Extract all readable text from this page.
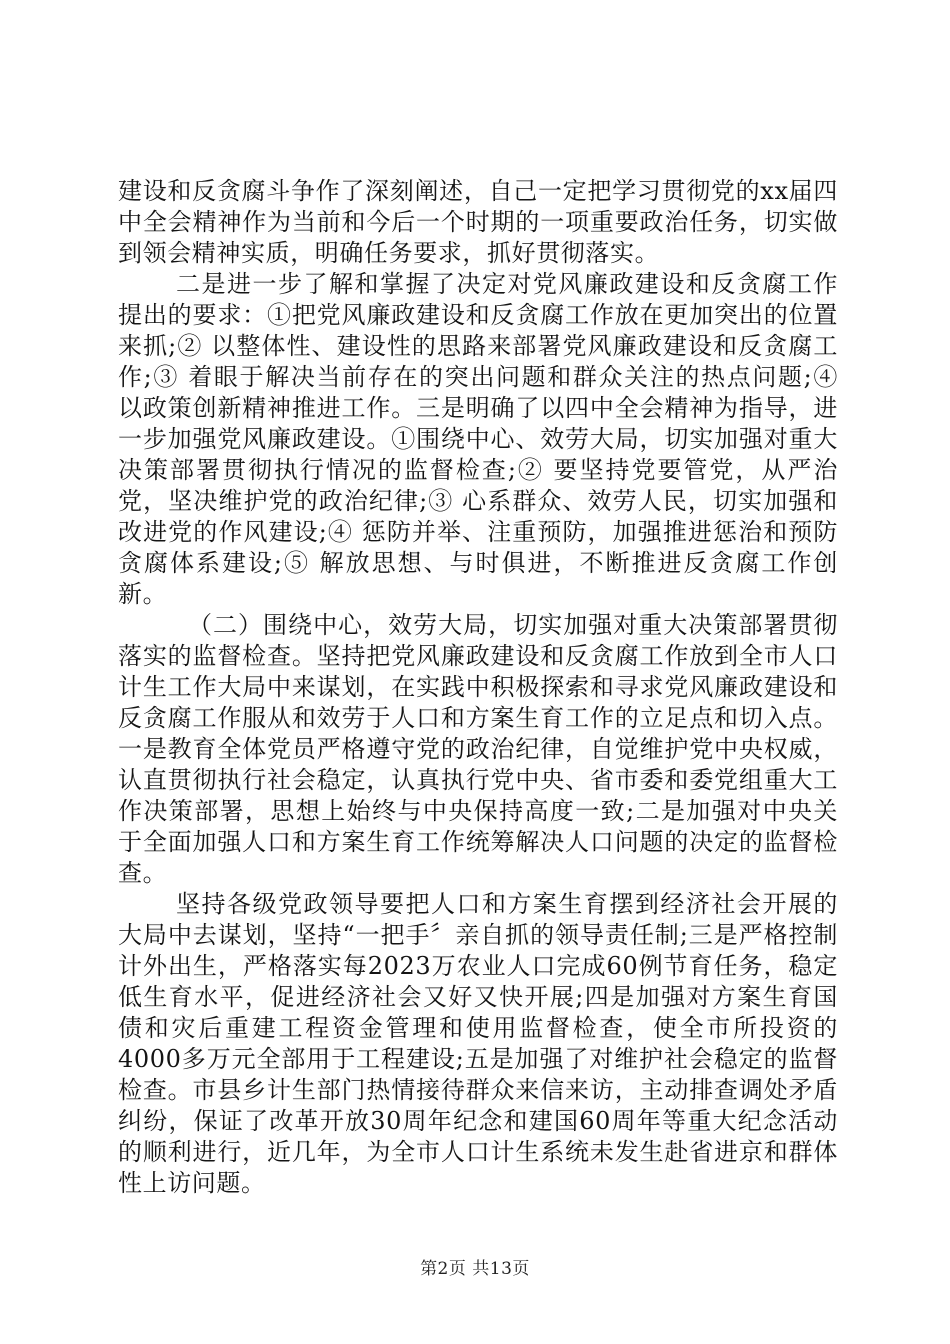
建设和反贪腐斗争作了深刻阐述，自己一定把学习贯彻党的xx届四中全会精神作为当前和今后一个时期的一项重要政治任务，切实做到领会精神实质，明确任务要求，抓好贯彻落实。

二是进一步了解和掌握了决定对党风廉政建设和反贪腐工作提出的要求：①把党风廉政建设和反贪腐工作放在更加突出的位置来抓;② 以整体性、建设性的思路来部署党风廉政建设和反贪腐工作;③ 着眼于解决当前存在的突出问题和群众关注的热点问题;④ 以政策创新精神推进工作。三是明确了以四中全会精神为指导，进一步加强党风廉政建设。①围绕中心、效劳大局，切实加强对重大决策部署贯彻执行情况的监督检查;② 要坚持党要管党，从严治党，坚决维护党的政治纪律;③ 心系群众、效劳人民，切实加强和改进党的作风建设;④ 惩防并举、注重预防，加强推进惩治和预防贪腐体系建设;⑤ 解放思想、与时俱进，不断推进反贪腐工作创新。

（二）围绕中心，效劳大局，切实加强对重大决策部署贯彻落实的监督检查。坚持把党风廉政建设和反贪腐工作放到全市人口计生工作大局中来谋划，在实践中积极探索和寻求党风廉政建设和反贪腐工作服从和效劳于人口和方案生育工作的立足点和切入点。一是教育全体党员严格遵守党的政治纪律，自觉维护党中央权威，认直贯彻执行社会稳定，认真执行党中央、省市委和委党组重大工作决策部署，思想上始终与中央保持高度一致;二是加强对中央关于全面加强人口和方案生育工作统筹解决人口问题的决定的监督检查。

坚持各级党政领导要把人口和方案生育摆到经济社会开展的大局中去谋划，坚持“一把手〞亲自抓的领导责任制;三是严格控制计外出生，严格落实每2023万农业人口完成60例节育任务，稳定低生育水平，促进经济社会又好又快开展;四是加强对方案生育国债和灾后重建工程资金管理和使用监督检查，使全市所投资的4000多万元全部用于工程建设;五是加强了对维护社会稳定的监督检查。市县乡计生部门热情接待群众来信来访，主动排查调处矛盾纠纷，保证了改革开放30周年纪念和建国60周年等重大纪念活动的顺利进行，近几年，为全市人口计生系统未发生赴省进京和群体性上访问题。

第2页 共13页
